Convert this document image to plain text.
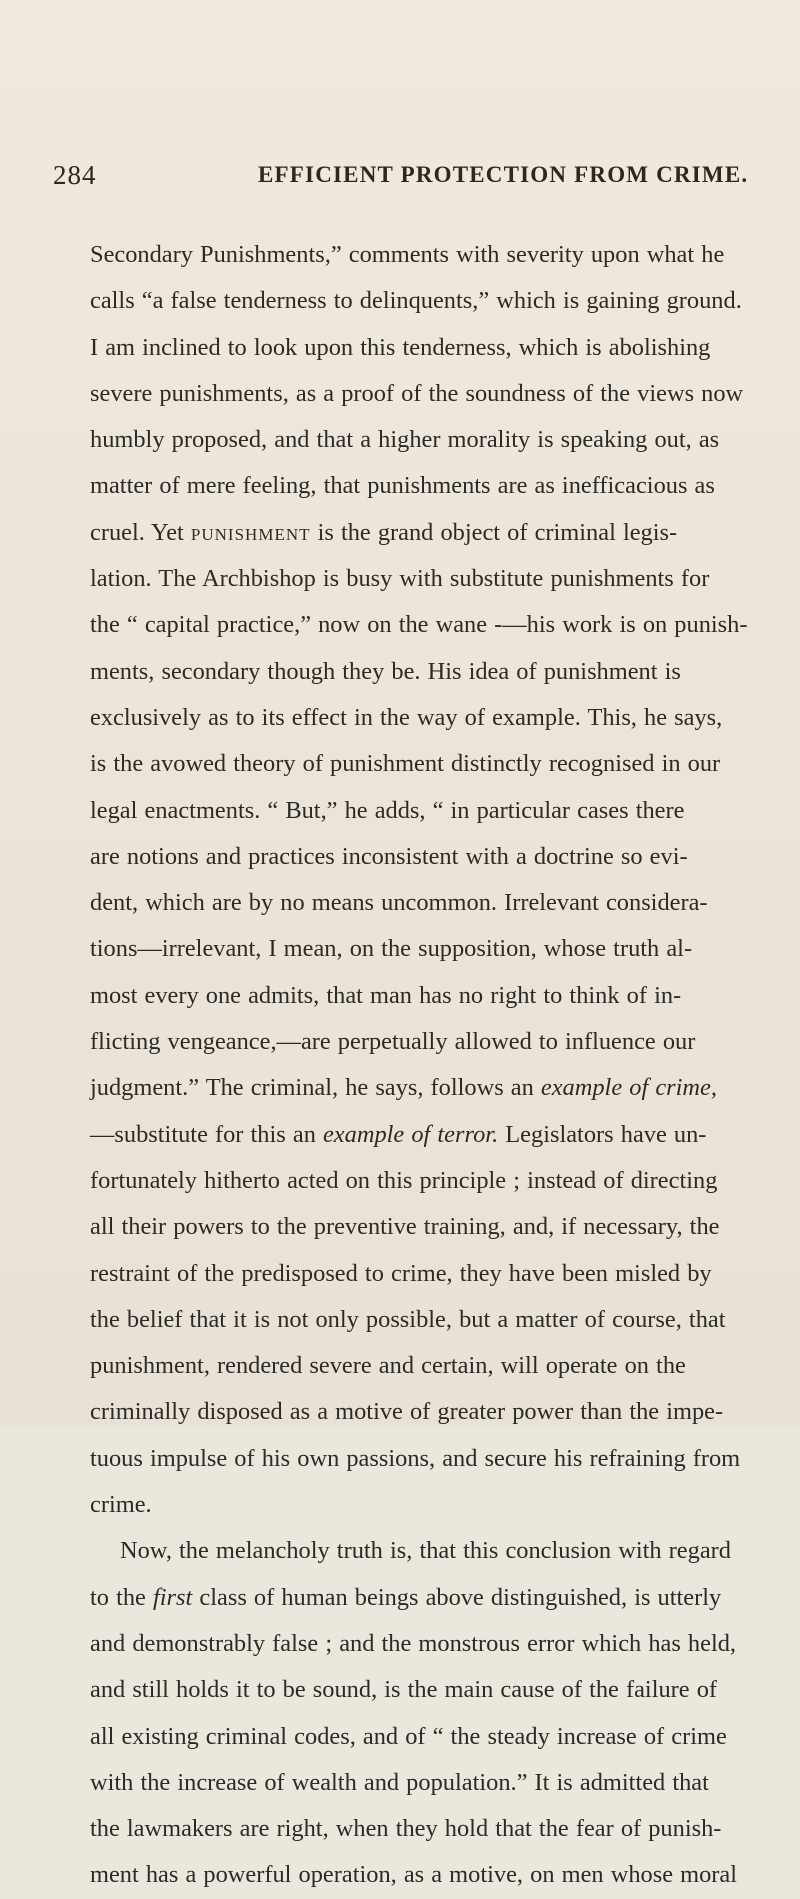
284	EFFICIENT PROTECTION FROM CRIME.
Secondary Punishments,” comments with severity upon what he
calls “a false tenderness to delinquents,” which is gaining ground.
I am inclined to look upon this tenderness, which is abolishing
severe punishments, as a proof of the soundness of the views now
humbly proposed, and that a higher morality is speaking out, as
matter of mere feeling, that punishments are as inefficacious as
cruel. Yet punishment is the grand object of criminal legis-
lation. The Archbishop is busy with substitute punishments for
the “ capital practice,” now on the wane -—his work is on punish-
ments, secondary though they be. His idea of punishment is
exclusively as to its effect in the way of example. This, he says,
is the avowed theory of punishment distinctly recognised in our
legal enactments. “ But,” he adds, “ in particular cases there
are notions and practices inconsistent with a doctrine so evi-
dent, which are by no means uncommon. Irrelevant considera-
tions—irrelevant, I mean, on the supposition, whose truth al-
most every one admits, that man has no right to think of in-
flicting vengeance,—are perpetually allowed to influence our
judgment.” The criminal, he says, follows an example of crime,
—substitute for this an example of terror. Legislators have un-
fortunately hitherto acted on this principle ; instead of directing
all their powers to the preventive training, and, if necessary, the
restraint of the predisposed to crime, they have been misled by
the belief that it is not only possible, but a matter of course, that
punishment, rendered severe and certain, will operate on the
criminally disposed as a motive of greater power than the impe-
tuous impulse of his own passions, and secure his refraining from
crime.
Now, the melancholy truth is, that this conclusion with regard
to the first class of human beings above distinguished, is utterly
and demonstrably false ; and the monstrous error which has held,
and still holds it to be sound, is the main cause of the failure of
all existing criminal codes, and of “ the steady increase of crime
with the increase of wealth and population.” It is admitted that
the lawmakers are right, when they hold that the fear of punish-
ment has a powerful operation, as a motive, on men whose moral
